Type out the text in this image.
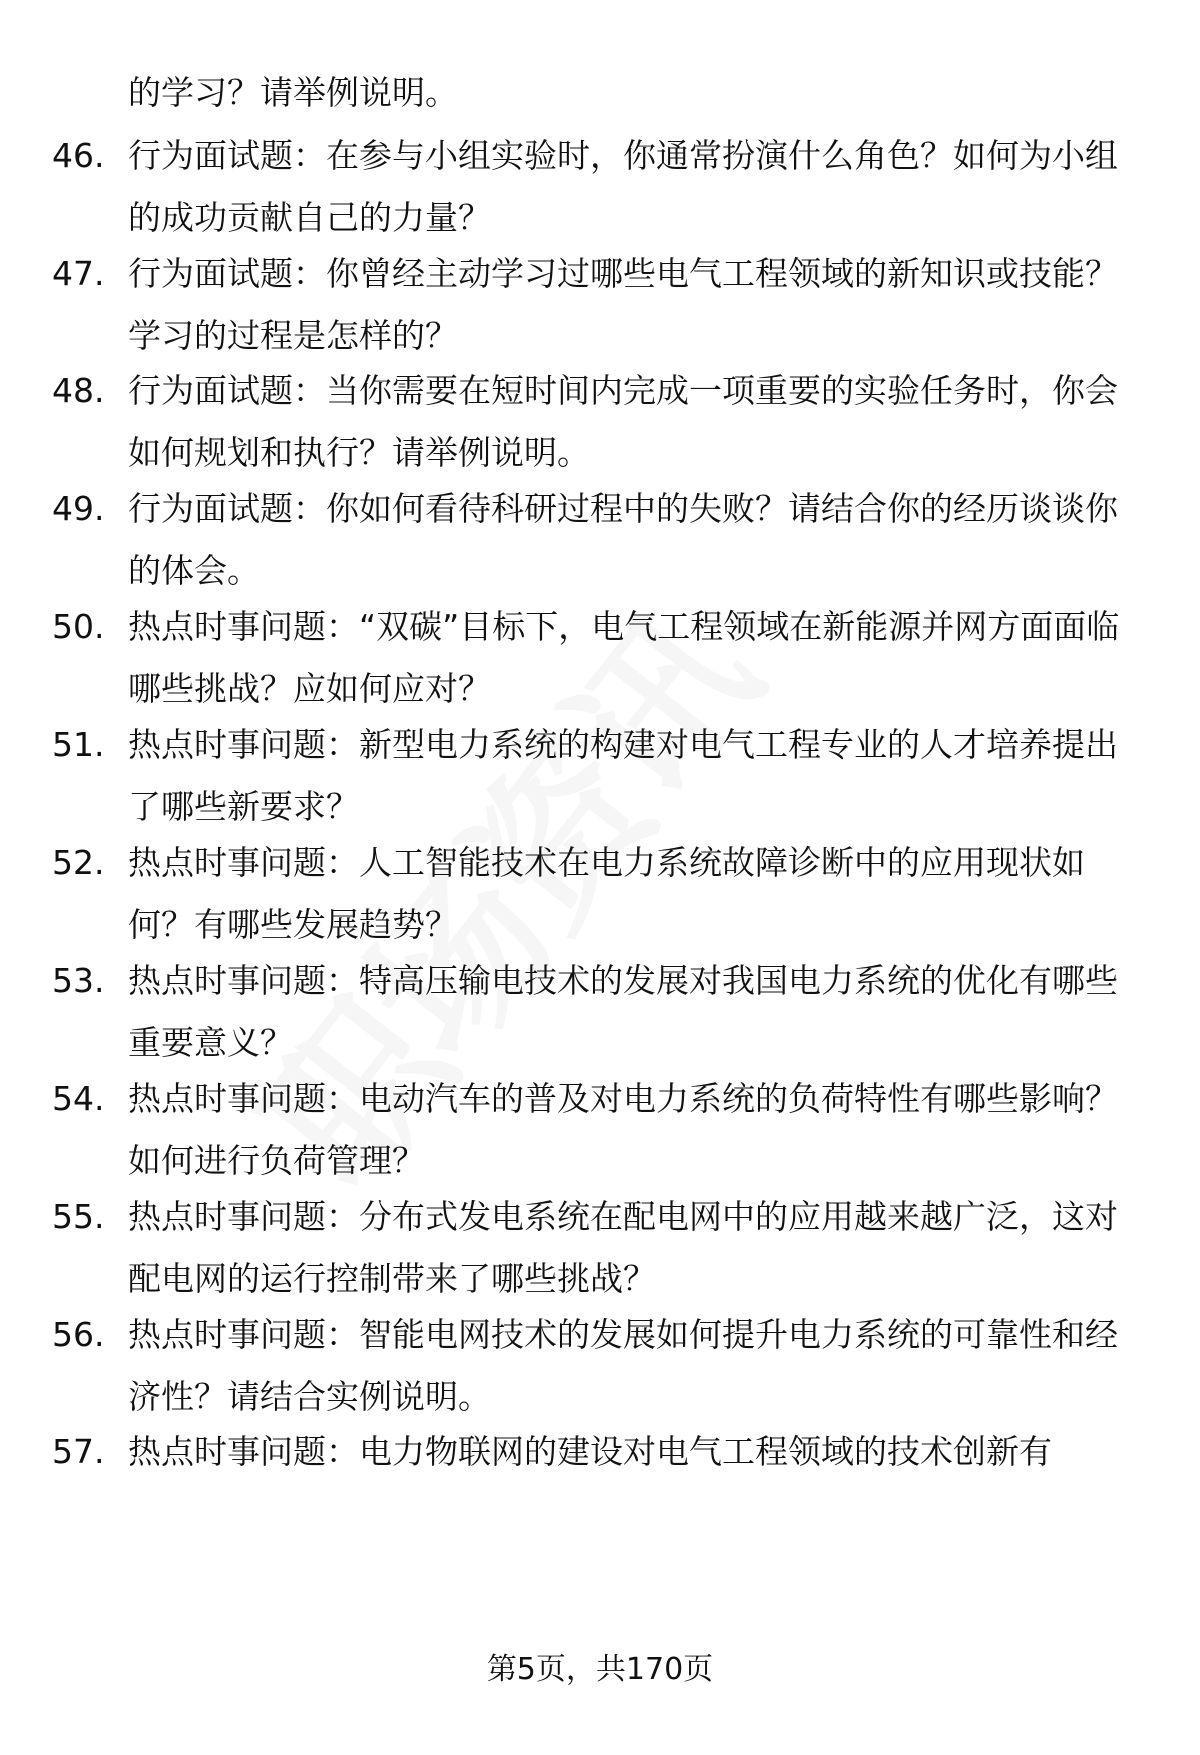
的学习？请举例说明。

46. 行为面试题：在参与小组实验时，你通常扮演什么角色？如何为小组的成功贡献自己的力量？

47. 行为面试题：你曾经主动学习过哪些电气工程领域的新知识或技能？学习的过程是怎样的？

48. 行为面试题：当你需要在短时间内完成一项重要的实验任务时，你会如何规划和执行？请举例说明。

49. 行为面试题：你如何看待科研过程中的失败？请结合你的经历谈谈你的体会。

50. 热点时事问题：“双碳”目标下，电气工程领域在新能源并网方面面临哪些挑战？应如何应对？

51. 热点时事问题：新型电力系统的构建对电气工程专业的人才培养提出了哪些新要求？

52. 热点时事问题：人工智能技术在电力系统故障诊断中的应用现状如何？有哪些发展趋势？

53. 热点时事问题：特高压输电技术的发展对我国电力系统的优化有哪些重要意义？

54. 热点时事问题：电动汽车的普及对电力系统的负荷特性有哪些影响？如何进行负荷管理？

55. 热点时事问题：分布式发电系统在配电网中的应用越来越广泛，这对配电网的运行控制带来了哪些挑战？

56. 热点时事问题：智能电网技术的发展如何提升电力系统的可靠性和经济性？请结合实例说明。

57. 热点时事问题：电力物联网的建设对电气工程领域的技术创新有

第5页，共170页
